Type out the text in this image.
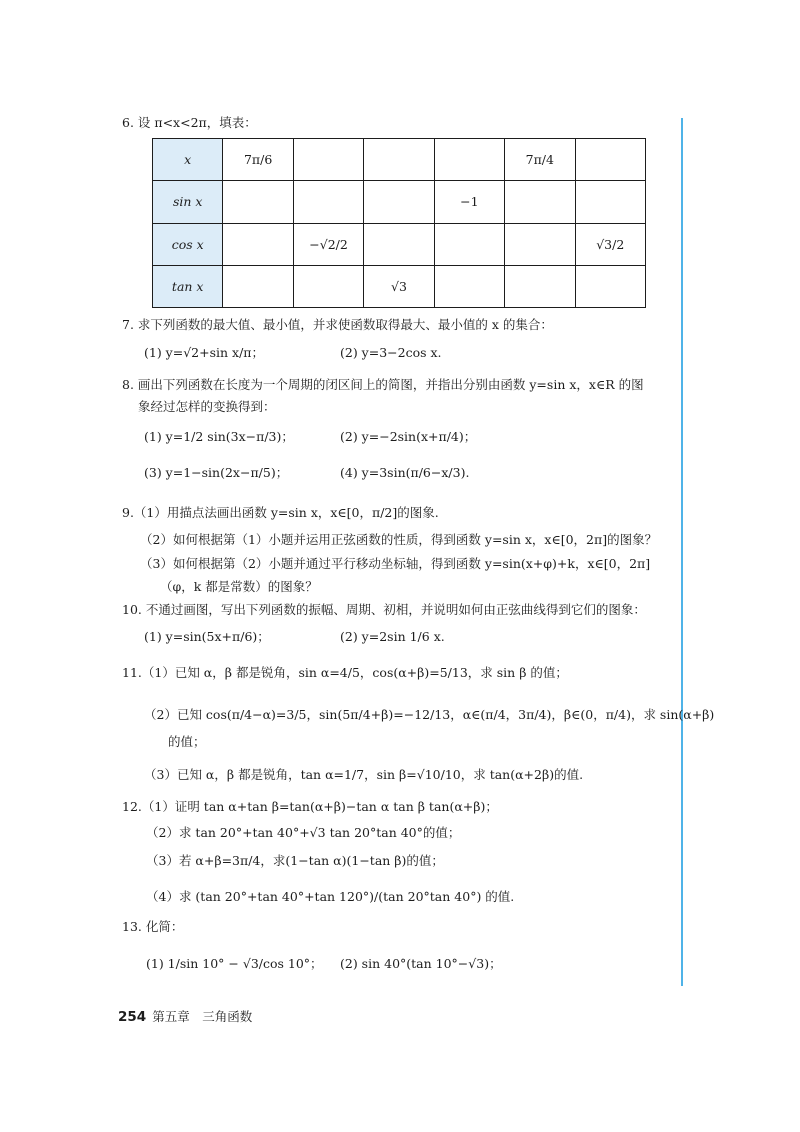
6. 设 π<x<2π，填表：
x	7π/6				7π/4	
sin x				−1		
cos x		−√2/2				√3/2
tan x			√3			
7. 求下列函数的最大值、最小值，并求使函数取得最大、最小值的 x 的集合：
(1) y=√2+sin x/π；	(2) y=3−2cos x.
8. 画出下列函数在长度为一个周期的闭区间上的简图，并指出分别由函数 y=sin x，x∈R 的图
象经过怎样的变换得到：
(1) y=1/2 sin(3x−π/3)；	(2) y=−2sin(x+π/4)；
(3) y=1−sin(2x−π/5)；	(4) y=3sin(π/6−x/3).
9.（1）用描点法画出函数 y=sin x，x∈[0，π/2]的图象.
（2）如何根据第（1）小题并运用正弦函数的性质，得到函数 y=sin x，x∈[0，2π]的图象？
（3）如何根据第（2）小题并通过平行移动坐标轴，得到函数 y=sin(x+φ)+k，x∈[0，2π]
（φ，k 都是常数）的图象？
10. 不通过画图，写出下列函数的振幅、周期、初相，并说明如何由正弦曲线得到它们的图象：
(1) y=sin(5x+π/6)；	(2) y=2sin 1/6 x.
11.（1）已知 α，β 都是锐角，sin α=4/5，cos(α+β)=5/13，求 sin β 的值；
（2）已知 cos(π/4−α)=3/5，sin(5π/4+β)=−12/13，α∈(π/4，3π/4)，β∈(0，π/4)，求 sin(α+β)
的值；
（3）已知 α，β 都是锐角，tan α=1/7，sin β=√10/10，求 tan(α+2β)的值.
12.（1）证明 tan α+tan β=tan(α+β)−tan α tan β tan(α+β)；
（2）求 tan 20°+tan 40°+√3 tan 20°tan 40°的值；
（3）若 α+β=3π/4，求(1−tan α)(1−tan β)的值；
（4）求 (tan 20°+tan 40°+tan 120°)/(tan 20°tan 40°) 的值.
13. 化简：
(1) 1/sin 10° − √3/cos 10°； (2) sin 40°(tan 10°−√3)；
254 第五章　三角函数
